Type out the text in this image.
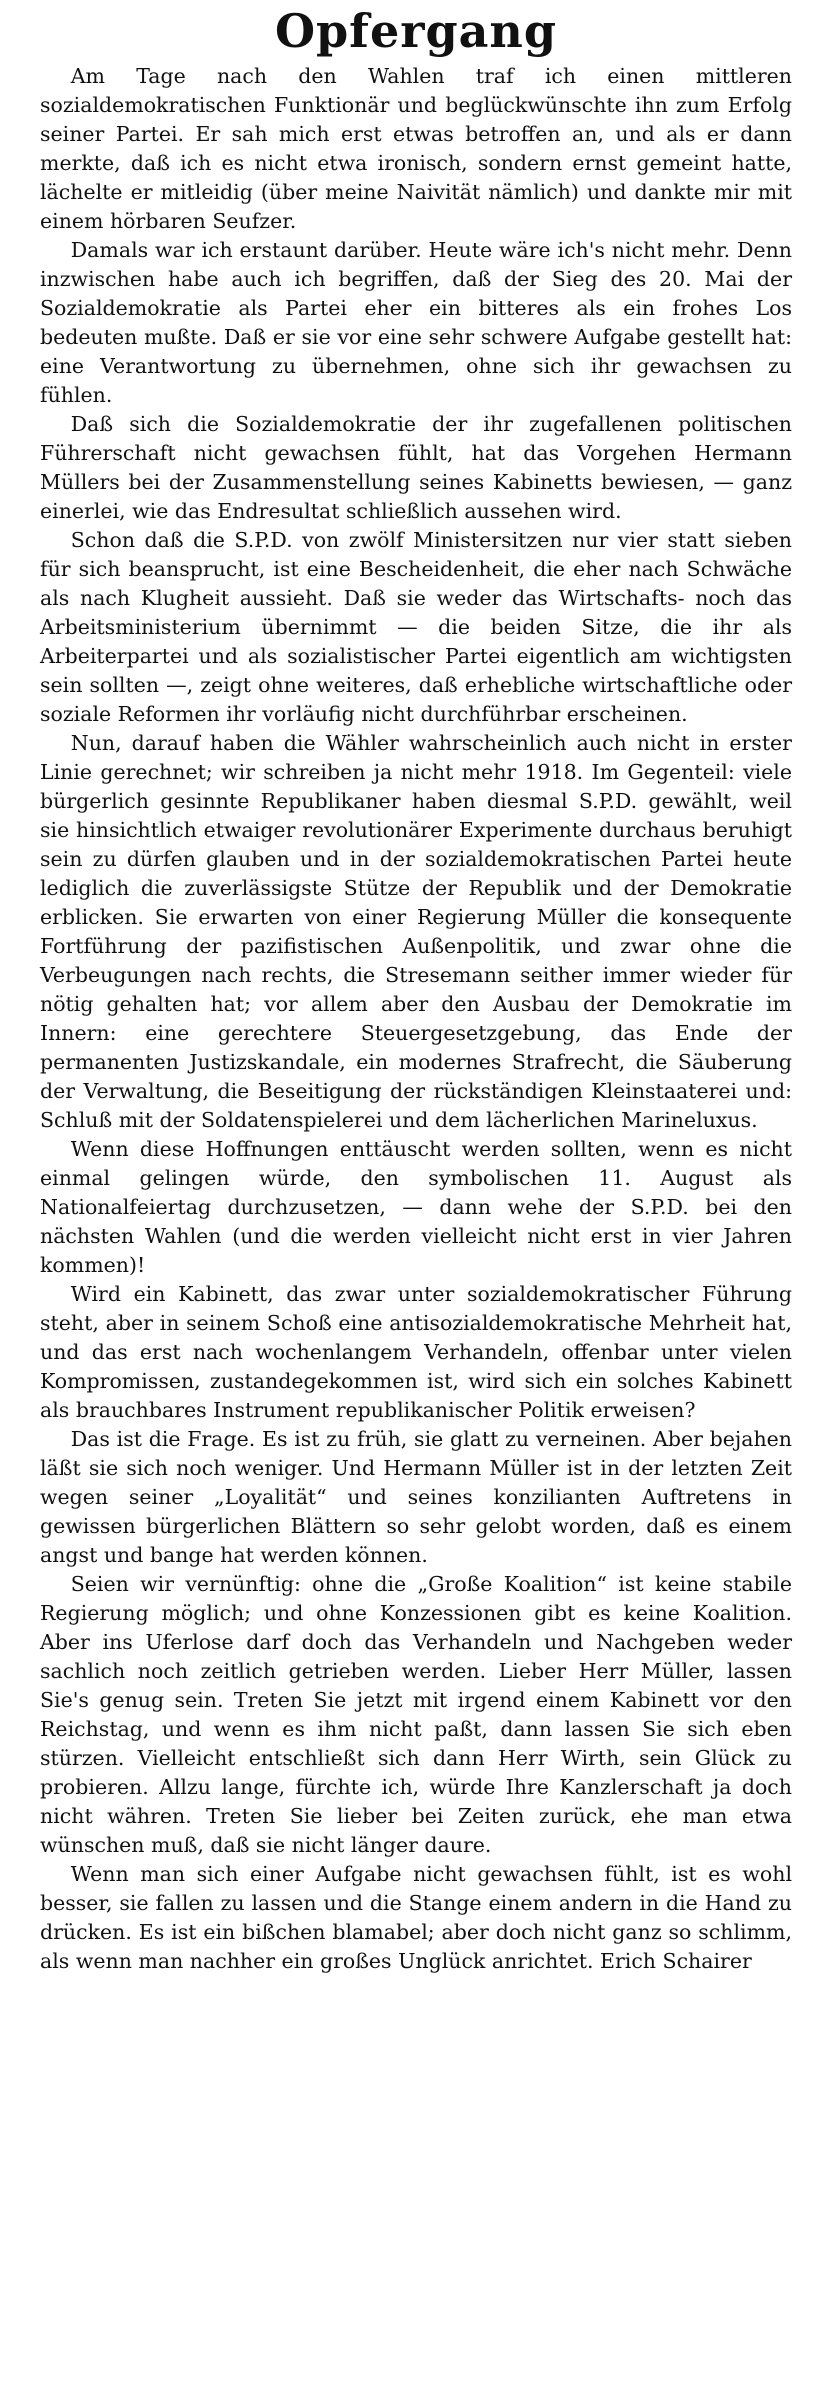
Opfergang

Am Tage nach den Wahlen traf ich einen mittleren sozialdemokratischen Funktionär und beglückwünschte ihn zum Erfolg seiner Partei. Er sah mich erst etwas betroffen an, und als er dann merkte, daß ich es nicht etwa ironisch, sondern ernst gemeint hatte, lächelte er mitleidig (über meine Naivität nämlich) und dankte mir mit einem hörbaren Seufzer.

Damals war ich erstaunt darüber. Heute wäre ich's nicht mehr. Denn inzwischen habe auch ich begriffen, daß der Sieg des 20. Mai der Sozialdemokratie als Partei eher ein bitteres als ein frohes Los bedeuten mußte. Daß er sie vor eine sehr schwere Aufgabe gestellt hat: eine Verantwortung zu übernehmen, ohne sich ihr gewachsen zu fühlen.

Daß sich die Sozialdemokratie der ihr zugefallenen politischen Führerschaft nicht gewachsen fühlt, hat das Vorgehen Hermann Müllers bei der Zusammenstellung seines Kabinetts bewiesen, — ganz einerlei, wie das Endresultat schließlich aussehen wird.

Schon daß die S.P.D. von zwölf Ministersitzen nur vier statt sieben für sich beansprucht, ist eine Bescheidenheit, die eher nach Schwäche als nach Klugheit aussieht. Daß sie weder das Wirtschafts- noch das Arbeitsministerium übernimmt — die beiden Sitze, die ihr als Arbeiterpartei und als sozialistischer Partei eigentlich am wichtigsten sein sollten —, zeigt ohne weiteres, daß erhebliche wirtschaftliche oder soziale Reformen ihr vorläufig nicht durchführbar erscheinen.

Nun, darauf haben die Wähler wahrscheinlich auch nicht in erster Linie gerechnet; wir schreiben ja nicht mehr 1918. Im Gegenteil: viele bürgerlich gesinnte Republikaner haben diesmal S.P.D. gewählt, weil sie hinsichtlich etwaiger revolutionärer Experimente durchaus beruhigt sein zu dürfen glauben und in der sozialdemokratischen Partei heute lediglich die zuverlässigste Stütze der Republik und der Demokratie erblicken. Sie erwarten von einer Regierung Müller die konsequente Fortführung der pazifistischen Außenpolitik, und zwar ohne die Verbeugungen nach rechts, die Stresemann seither immer wieder für nötig gehalten hat; vor allem aber den Ausbau der Demokratie im Innern: eine gerechtere Steuergesetzgebung, das Ende der permanenten Justizskandale, ein modernes Strafrecht, die Säuberung der Verwaltung, die Beseitigung der rückständigen Kleinstaaterei und: Schluß mit der Soldatenspielerei und dem lächerlichen Marineluxus.

Wenn diese Hoffnungen enttäuscht werden sollten, wenn es nicht einmal gelingen würde, den symbolischen 11. August als Nationalfeiertag durchzusetzen, — dann wehe der S.P.D. bei den nächsten Wahlen (und die werden vielleicht nicht erst in vier Jahren kommen)!

Wird ein Kabinett, das zwar unter sozialdemokratischer Führung steht, aber in seinem Schoß eine antisozialdemokratische Mehrheit hat, und das erst nach wochenlangem Verhandeln, offenbar unter vielen Kompromissen, zustandegekommen ist, wird sich ein solches Kabinett als brauchbares Instrument republikanischer Politik erweisen?

Das ist die Frage. Es ist zu früh, sie glatt zu verneinen. Aber bejahen läßt sie sich noch weniger. Und Hermann Müller ist in der letzten Zeit wegen seiner „Loyalität“ und seines konzilianten Auftretens in gewissen bürgerlichen Blättern so sehr gelobt worden, daß es einem angst und bange hat werden können.

Seien wir vernünftig: ohne die „Große Koalition“ ist keine stabile Regierung möglich; und ohne Konzessionen gibt es keine Koalition. Aber ins Uferlose darf doch das Verhandeln und Nachgeben weder sachlich noch zeitlich getrieben werden. Lieber Herr Müller, lassen Sie's genug sein. Treten Sie jetzt mit irgend einem Kabinett vor den Reichstag, und wenn es ihm nicht paßt, dann lassen Sie sich eben stürzen. Vielleicht entschließt sich dann Herr Wirth, sein Glück zu probieren. Allzu lange, fürchte ich, würde Ihre Kanzlerschaft ja doch nicht währen. Treten Sie lieber bei Zeiten zurück, ehe man etwa wünschen muß, daß sie nicht länger daure.

Wenn man sich einer Aufgabe nicht gewachsen fühlt, ist es wohl besser, sie fallen zu lassen und die Stange einem andern in die Hand zu drücken. Es ist ein bißchen blamabel; aber doch nicht ganz so schlimm, als wenn man nachher ein großes Unglück anrichtet. Erich Schairer
